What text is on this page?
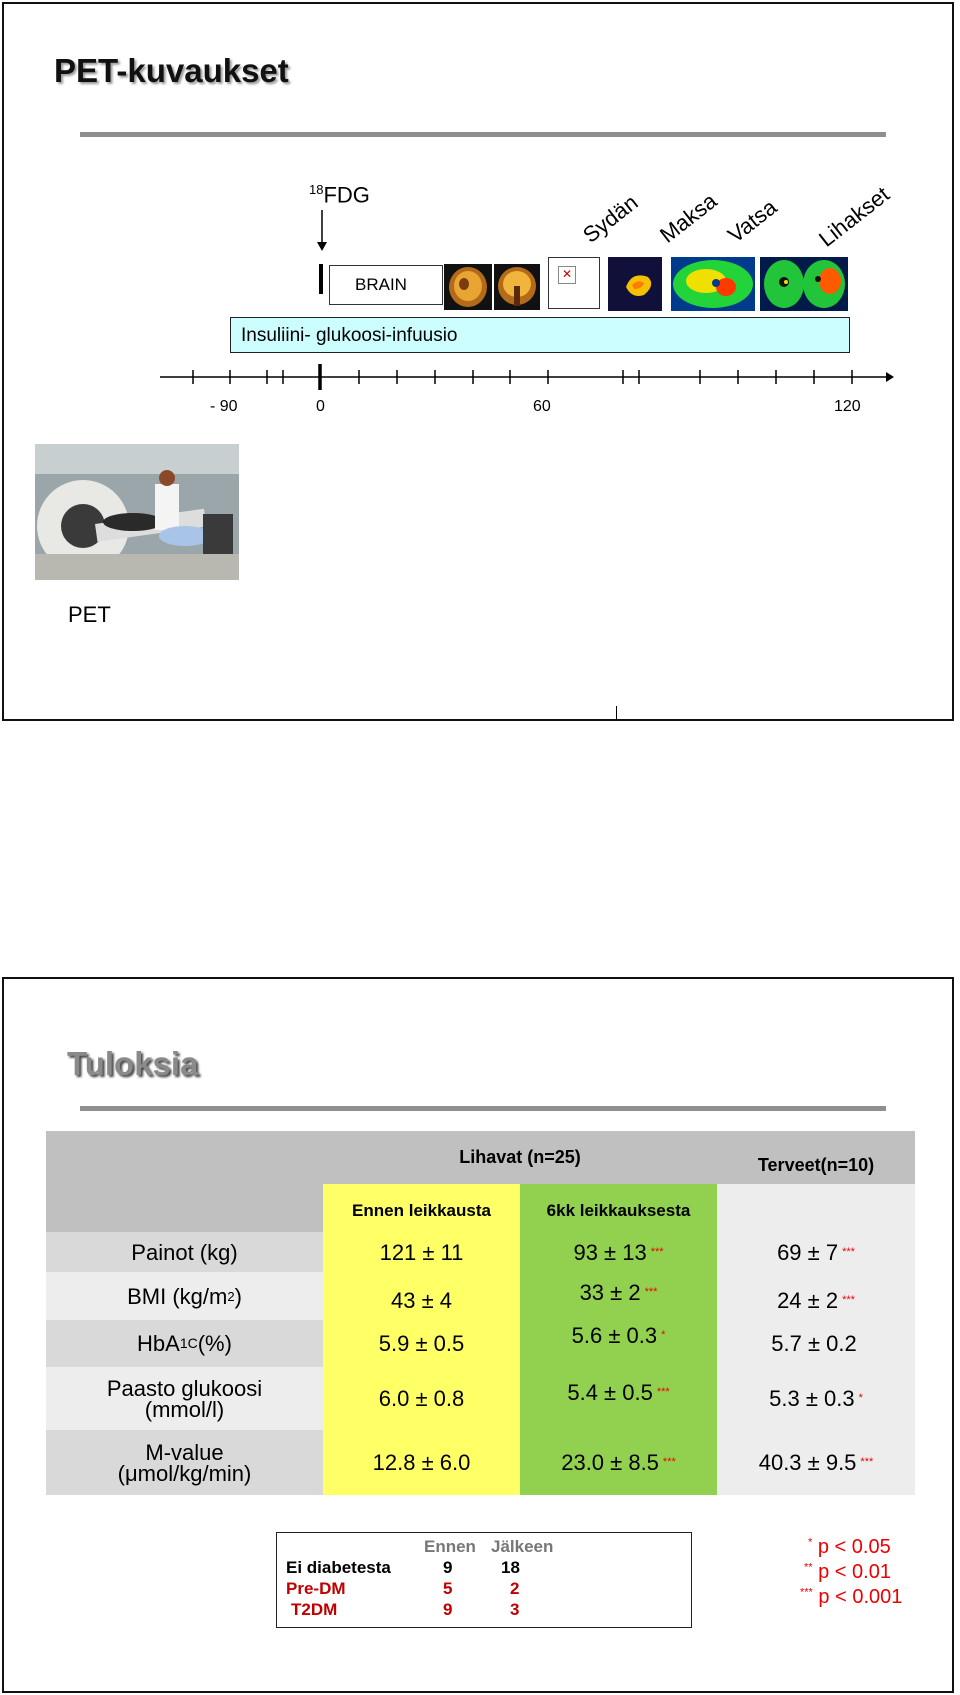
PET-kuvaukset
$^{18}$FDG	Sydän Maksa Vatsa Lihakset
BRAIN
✕
Insuliini- glukoosi-infuusio
- 90	0	60	120
PET
Tuloksia
Lihavat (n=25)	Terveet(n=10)
Ennen leikkausta	6kk leikkauksesta
Painot (kg)	121 ± 11	93 ± 13 ***	69 ± 7 ***
BMI (kg/m 2 )	43 ± 4	33 ± 2 ***	24 ± 2 ***
HbA 1C (%)	5.9 ± 0.5	5.6 ± 0.3 *	5.7 ± 0.2
Paasto glukoosi
(mmol/l)	6.0 ± 0.8	5.4 ± 0.5 ***	5.3 ± 0.3 *
M-value
(μmol/kg/min)	12.8 ± 6.0	23.0 ± 8.5 ***	40.3 ± 9.5 ***
Ennen Jälkeen
Ei diabetesta	9	18
Pre-DM	5	2
T2DM	9	3
* p < 0.05
** p < 0.01
*** p < 0.001
